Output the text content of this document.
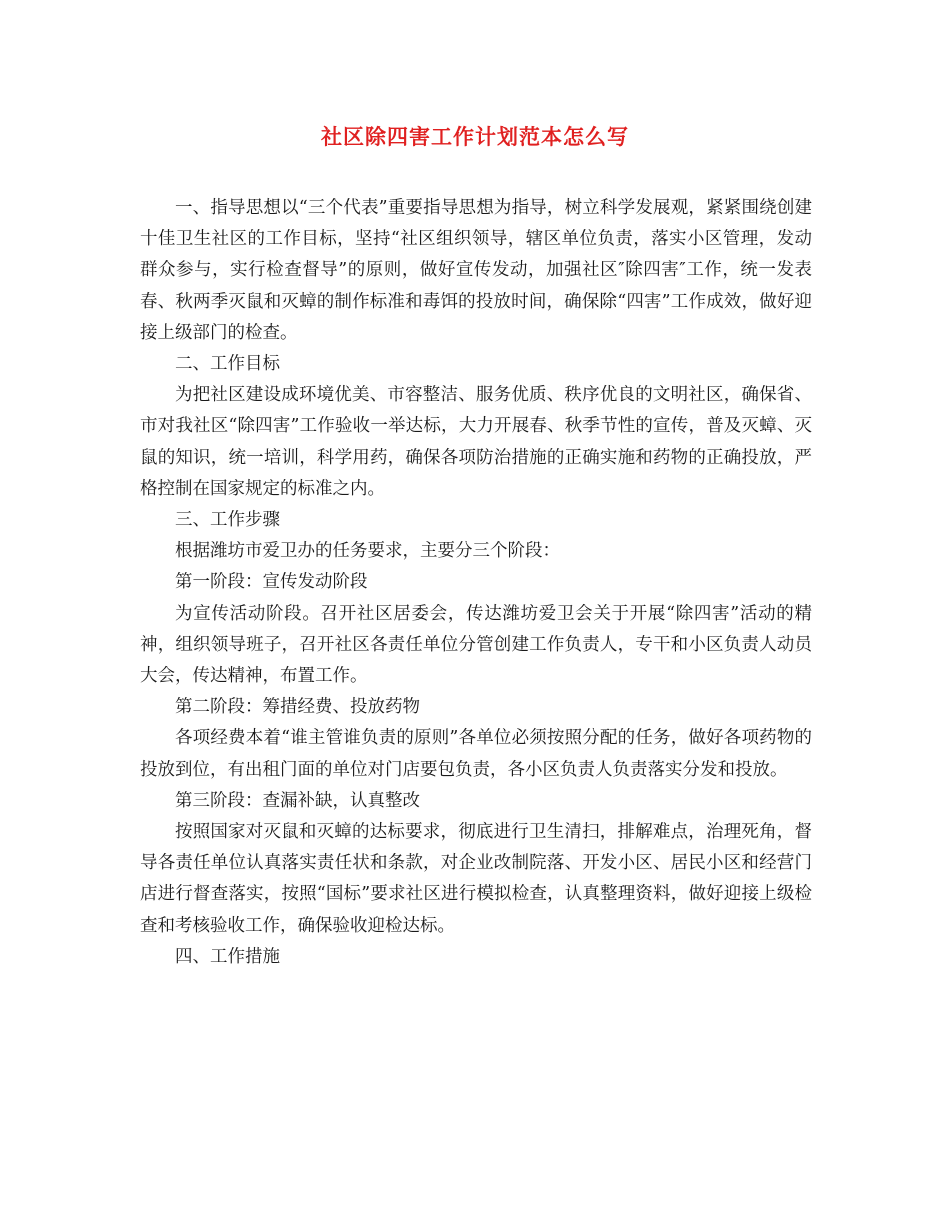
社区除四害工作计划范本怎么写

一、指导思想以“三个代表”重要指导思想为指导，树立科学发展观，紧紧围绕创建十佳卫生社区的工作目标，坚持“社区组织领导，辖区单位负责，落实小区管理，发动群众参与，实行检查督导”的原则，做好宣传发动，加强社区″除四害″工作，统一发表春、秋两季灭鼠和灭蟑的制作标准和毒饵的投放时间，确保除“四害”工作成效，做好迎接上级部门的检查。

二、工作目标

为把社区建设成环境优美、市容整洁、服务优质、秩序优良的文明社区，确保省、市对我社区“除四害”工作验收一举达标，大力开展春、秋季节性的宣传，普及灭蟑、灭鼠的知识，统一培训，科学用药，确保各项防治措施的正确实施和药物的正确投放，严格控制在国家规定的标准之内。

三、工作步骤

根据潍坊市爱卫办的任务要求，主要分三个阶段：

第一阶段：宣传发动阶段

为宣传活动阶段。召开社区居委会，传达潍坊爱卫会关于开展“除四害”活动的精神，组织领导班子，召开社区各责任单位分管创建工作负责人，专干和小区负责人动员大会，传达精神，布置工作。

第二阶段：筹措经费、投放药物

各项经费本着“谁主管谁负责的原则”各单位必须按照分配的任务，做好各项药物的投放到位，有出租门面的单位对门店要包负责，各小区负责人负责落实分发和投放。

第三阶段：查漏补缺，认真整改

按照国家对灭鼠和灭蟑的达标要求，彻底进行卫生清扫，排解难点，治理死角，督导各责任单位认真落实责任状和条款，对企业改制院落、开发小区、居民小区和经营门店进行督查落实，按照“国标”要求社区进行模拟检查，认真整理资料，做好迎接上级检查和考核验收工作，确保验收迎检达标。

四、工作措施
